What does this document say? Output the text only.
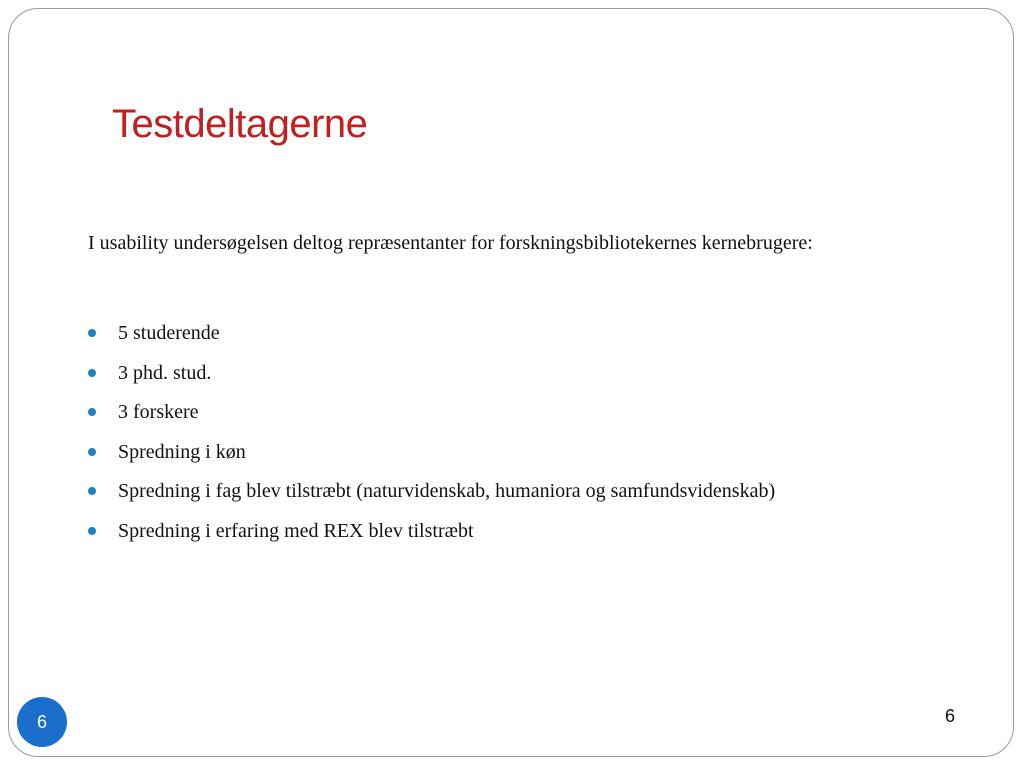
Testdeltagerne

I usability undersøgelsen deltog repræsentanter for forskningsbibliotekernes kernebrugere:

5 studerende
3 phd. stud.
3 forskere
Spredning i køn
Spredning i fag blev tilstræbt (naturvidenskab, humaniora og samfundsvidenskab)
Spredning i erfaring med REX blev tilstræbt
6	6
